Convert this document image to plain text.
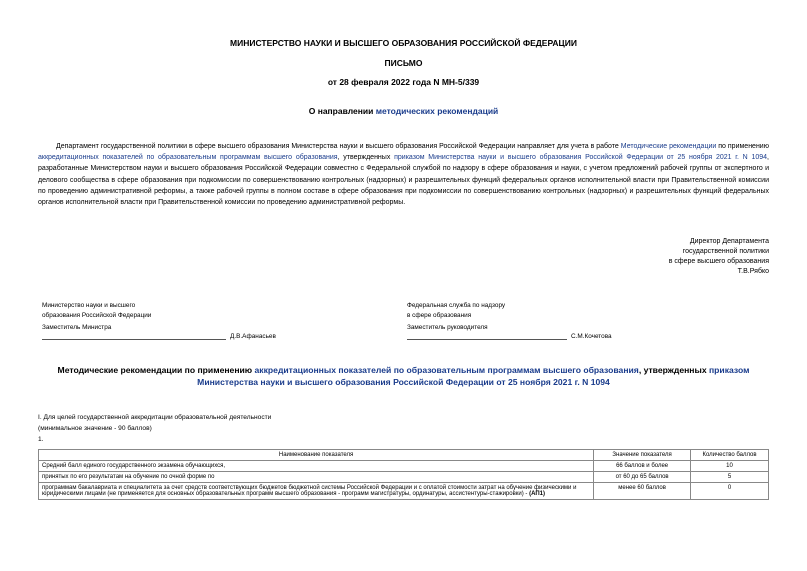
МИНИСТЕРСТВО НАУКИ И ВЫСШЕГО ОБРАЗОВАНИЯ РОССИЙСКОЙ ФЕДЕРАЦИИ
ПИСЬМО
от 28 февраля 2022 года N МН-5/339
О направлении методических рекомендаций
Департамент государственной политики в сфере высшего образования Министерства науки и высшего образования Российской Федерации направляет для учета в работе Методические рекомендации по применению аккредитационных показателей по образовательным программам высшего образования, утвержденных приказом Министерства науки и высшего образования Российской Федерации от 25 ноября 2021 г. N 1094, разработанные Министерством науки и высшего образования Российской Федерации совместно с Федеральной службой по надзору в сфере образования и науки, с учетом предложений рабочей группы от экспертного и делового сообщества в сфере образования при подкомиссии по совершенствованию контрольных (надзорных) и разрешительных функций федеральных органов исполнительной власти при Правительственной комиссии по проведению административной реформы, а также рабочей группы в полном составе в сфере образования при подкомиссии по совершенствованию контрольных (надзорных) и разрешительных функций федеральных органов исполнительной власти при Правительственной комиссии по проведению административной реформы.
Директор Департамента
государственной политики
в сфере высшего образования
Т.В.Рябко
Министерство науки и высшего
образования Российской Федерации
Заместитель Министра
Д.В.Афанасьев
Федеральная служба по надзору
в сфере образования
Заместитель руководителя
С.М.Кочетова
Методические рекомендации по применению аккредитационных показателей по образовательным программам высшего образования, утвержденных приказом
Министерства науки и высшего образования Российской Федерации от 25 ноября 2021 г. N 1094
I. Для целей государственной аккредитации образовательной деятельности
(минимальное значение - 90 баллов)
1.
Наименование показателя	Значение показателя	Количество баллов
Средний балл единого государственного экзамена обучающихся,	66 баллов и более	10
принятых по его результатам на обучение по очной форме по	от 60 до 65 баллов	5
программам бакалавриата и специалитета за счет средств соответствующих бюджетов бюджетной системы Российской Федерации и с оплатой стоимости затрат на обучение физическими и юридическими лицами (не применяется для основных образовательных программ высшего образования - программ магистратуры, ординатуры, ассистентуры-стажировки) - (АП1)	менее 60 баллов	0
